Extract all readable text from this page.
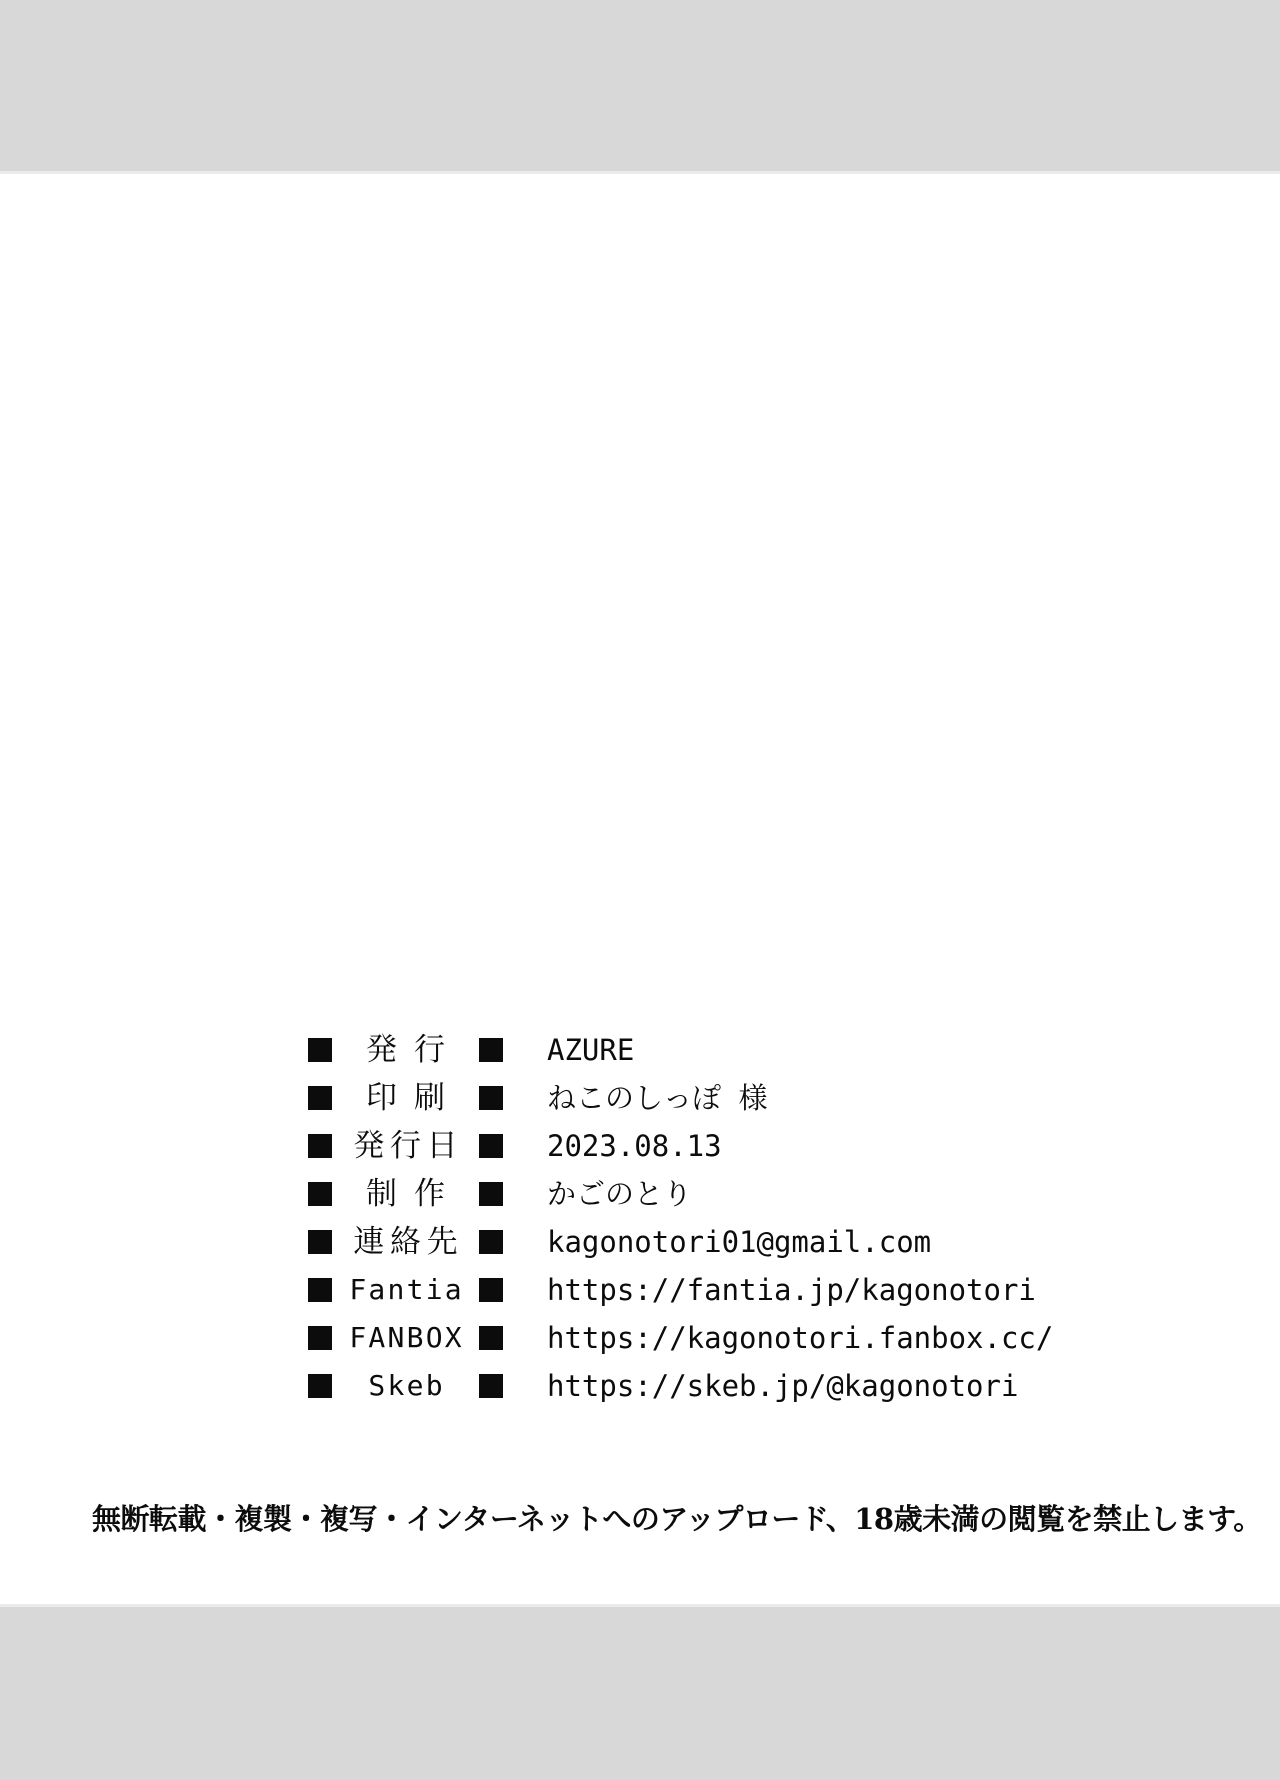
発行	AZURE
印刷	ねこのしっぽ 様
発行日	2023.08.13
制作	かごのとり
連絡先	kagonotori01@gmail.com
Fantia	https://fantia.jp/kagonotori
FANBOX	https://kagonotori.fanbox.cc/
Skeb	https://skeb.jp/@kagonotori
無断転載・複製・複写・インターネットへのアップロード、18歳未満の閲覧を禁止します。
